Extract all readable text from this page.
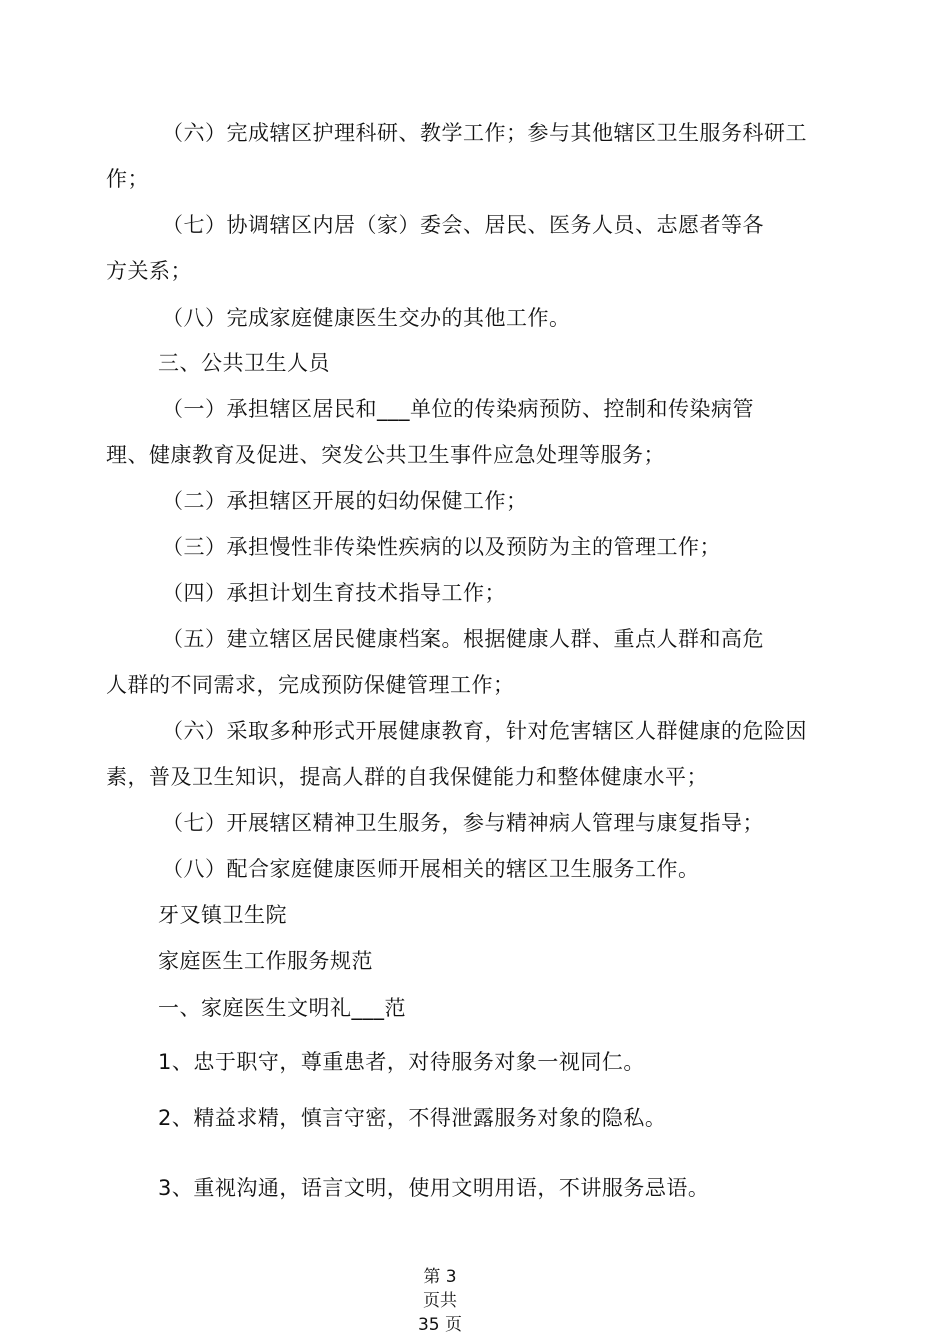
（六）完成辖区护理科研、教学工作；参与其他辖区卫生服务科研工
作；
（七）协调辖区内居（家）委会、居民、医务人员、志愿者等各
方关系；
（八）完成家庭健康医生交办的其他工作。
三、公共卫生人员
（一）承担辖区居民和___单位的传染病预防、控制和传染病管
理、健康教育及促进、突发公共卫生事件应急处理等服务；
（二）承担辖区开展的妇幼保健工作；
（三）承担慢性非传染性疾病的以及预防为主的管理工作；
（四）承担计划生育技术指导工作；
（五）建立辖区居民健康档案。根据健康人群、重点人群和高危
人群的不同需求，完成预防保健管理工作；
（六）采取多种形式开展健康教育，针对危害辖区人群健康的危险因
素，普及卫生知识，提高人群的自我保健能力和整体健康水平；
（七）开展辖区精神卫生服务，参与精神病人管理与康复指导；
（八）配合家庭健康医师开展相关的辖区卫生服务工作。
牙叉镇卫生院
家庭医生工作服务规范
一、家庭医生文明礼___范
1、忠于职守，尊重患者，对待服务对象一视同仁。
2、精益求精，慎言守密，不得泄露服务对象的隐私。
3、重视沟通，语言文明，使用文明用语，不讲服务忌语。
第 3
页共
35 页
